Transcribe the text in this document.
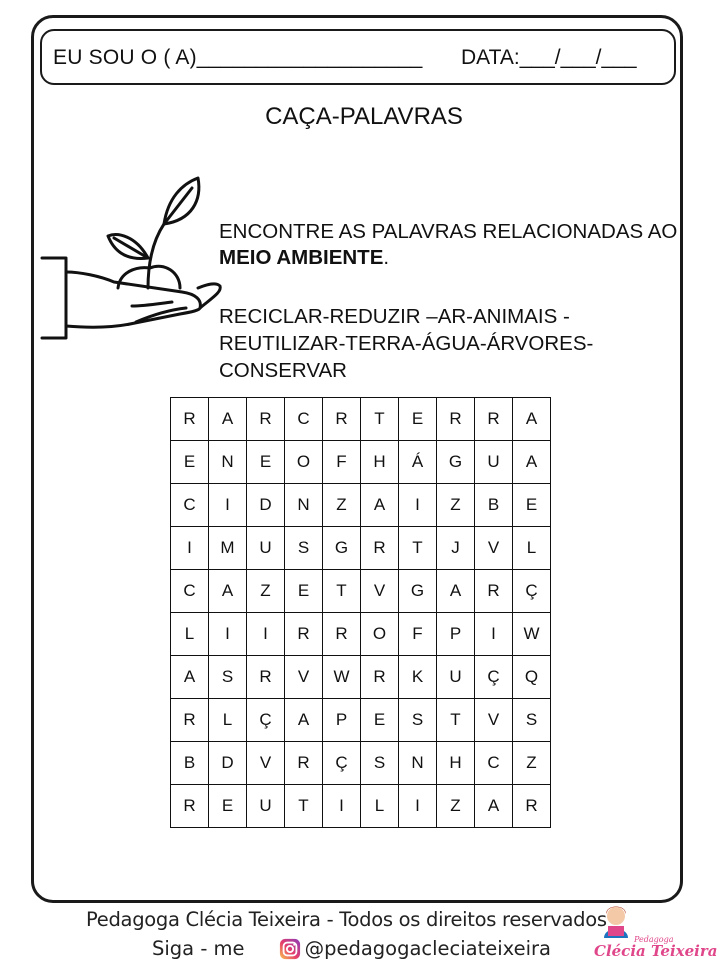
EU SOU O ( A)___________________ DATA:___/___/___
CAÇA-PALAVRAS
ENCONTRE AS PALAVRAS RELACIONADAS AO MEIO AMBIENTE.
RECICLAR-REDUZIR –AR-ANIMAIS - REUTILIZAR-TERRA-ÁGUA-ÁRVORES-CONSERVAR
R	A	R	C	R	T	E	R	R	A
E	N	E	O	F	H	Á	G	U	A
C	I	D	N	Z	A	I	Z	B	E
I	M	U	S	G	R	T	J	V	L
C	A	Z	E	T	V	G	A	R	Ç
L	I	I	R	R	O	F	P	I	W
A	S	R	V	W	R	K	U	Ç	Q
R	L	Ç	A	P	E	S	T	V	S
B	D	V	R	Ç	S	N	H	C	Z
R	E	U	T	I	L	I	Z	A	R
Pedagoga Clécia Teixeira - Todos os direitos reservados
Siga - me	@pedagogacleciateixeira	Pedagoga
Clécia Teixeira
